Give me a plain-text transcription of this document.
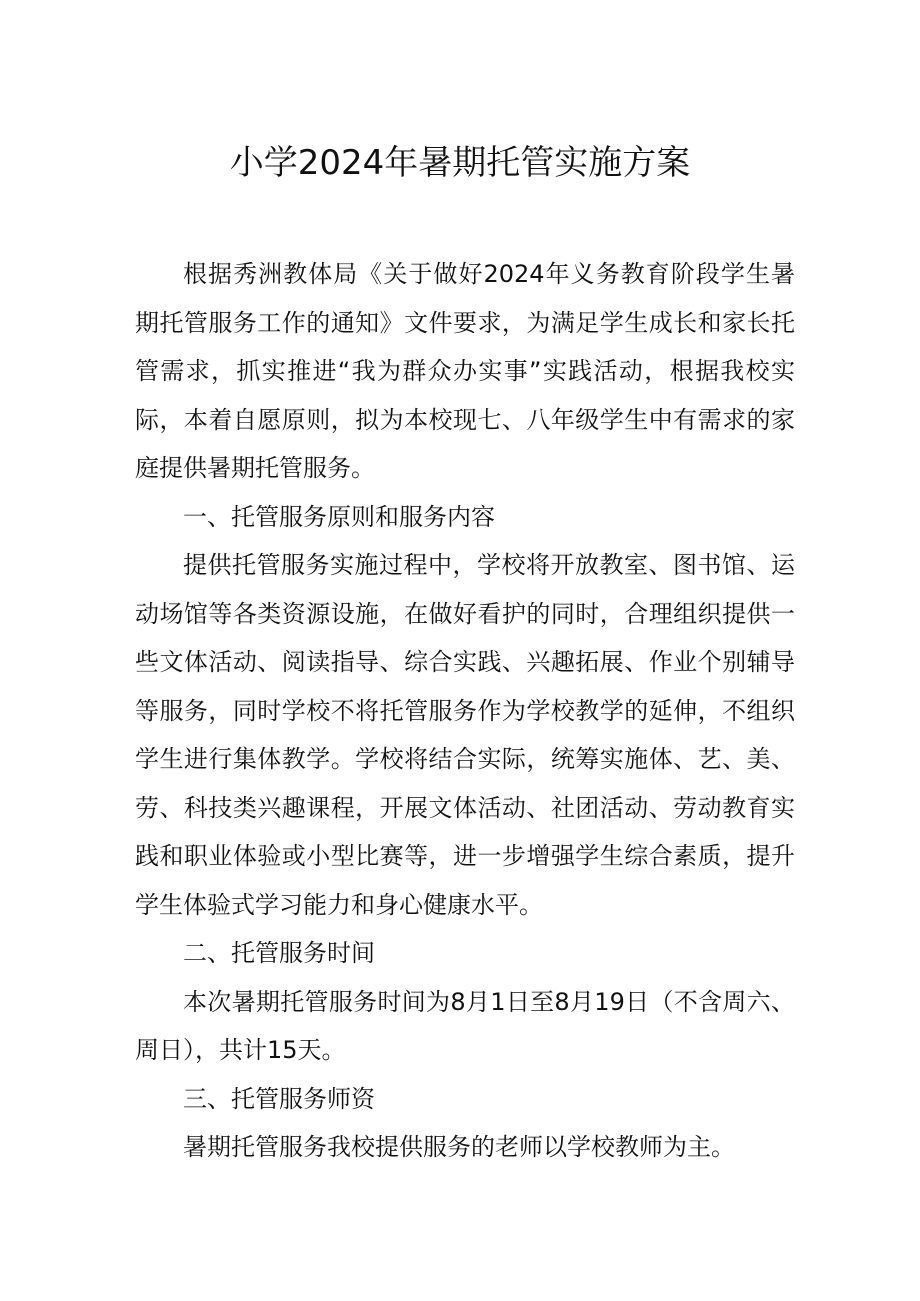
小学2024年暑期托管实施方案

根据秀洲教体局《关于做好2024年义务教育阶段学生暑期托管服务工作的通知》文件要求，为满足学生成长和家长托管需求，抓实推进“我为群众办实事”实践活动，根据我校实际，本着自愿原则，拟为本校现七、八年级学生中有需求的家庭提供暑期托管服务。

一、托管服务原则和服务内容

提供托管服务实施过程中，学校将开放教室、图书馆、运动场馆等各类资源设施，在做好看护的同时，合理组织提供一些文体活动、阅读指导、综合实践、兴趣拓展、作业个别辅导等服务，同时学校不将托管服务作为学校教学的延伸，不组织学生进行集体教学。学校将结合实际，统筹实施体、艺、美、劳、科技类兴趣课程，开展文体活动、社团活动、劳动教育实践和职业体验或小型比赛等，进一步增强学生综合素质，提升学生体验式学习能力和身心健康水平。

二、托管服务时间

本次暑期托管服务时间为8月1日至8月19日（不含周六、周日），共计15天。

三、托管服务师资

暑期托管服务我校提供服务的老师以学校教师为主。
